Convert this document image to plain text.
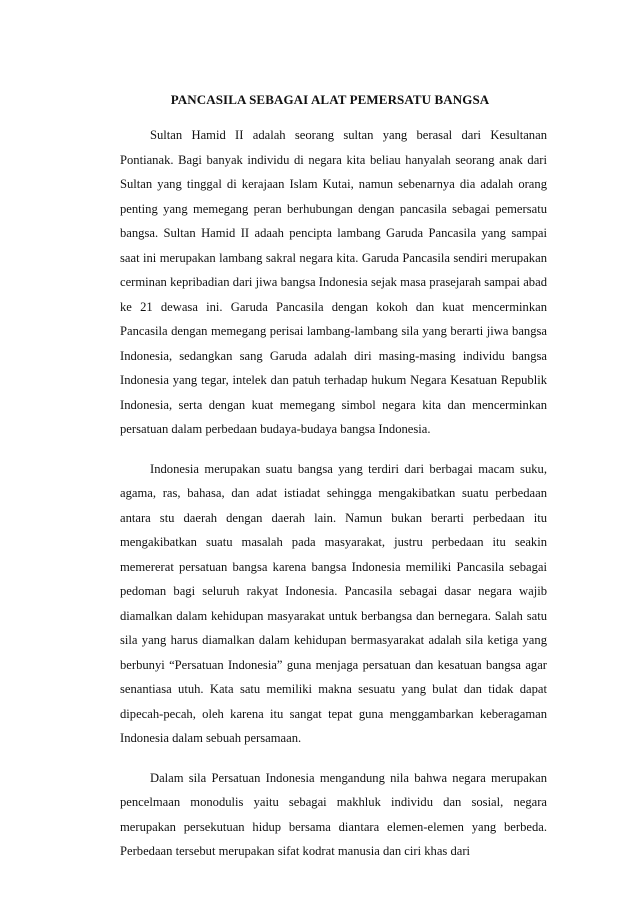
PANCASILA SEBAGAI ALAT PEMERSATU BANGSA

Sultan Hamid II adalah seorang sultan yang berasal dari Kesultanan Pontianak. Bagi banyak individu di negara kita beliau hanyalah seorang anak dari Sultan yang tinggal di kerajaan Islam Kutai, namun sebenarnya dia adalah orang penting yang memegang peran berhubungan dengan pancasila sebagai pemersatu bangsa. Sultan Hamid II adaah pencipta lambang Garuda Pancasila yang sampai saat ini merupakan lambang sakral negara kita. Garuda Pancasila sendiri merupakan cerminan kepribadian dari jiwa bangsa Indonesia sejak masa prasejarah sampai abad ke 21 dewasa ini. Garuda Pancasila dengan kokoh dan kuat mencerminkan Pancasila dengan memegang perisai lambang-lambang sila yang berarti jiwa bangsa Indonesia, sedangkan sang Garuda adalah diri masing-masing individu bangsa Indonesia yang tegar, intelek dan patuh terhadap hukum Negara Kesatuan Republik Indonesia, serta dengan kuat memegang simbol negara kita dan mencerminkan persatuan dalam perbedaan budaya-budaya bangsa Indonesia.

Indonesia merupakan suatu bangsa yang terdiri dari berbagai macam suku, agama, ras, bahasa, dan adat istiadat sehingga mengakibatkan suatu perbedaan antara stu daerah dengan daerah lain. Namun bukan berarti perbedaan itu mengakibatkan suatu masalah pada masyarakat, justru perbedaan itu seakin memererat persatuan bangsa karena bangsa Indonesia memiliki Pancasila sebagai pedoman bagi seluruh rakyat Indonesia. Pancasila sebagai dasar negara wajib diamalkan dalam kehidupan masyarakat untuk berbangsa dan bernegara. Salah satu sila yang harus diamalkan dalam kehidupan bermasyarakat adalah sila ketiga yang berbunyi “Persatuan Indonesia” guna menjaga persatuan dan kesatuan bangsa agar senantiasa utuh. Kata satu memiliki makna sesuatu yang bulat dan tidak dapat dipecah-pecah, oleh karena itu sangat tepat guna menggambarkan keberagaman Indonesia dalam sebuah persamaan.

Dalam sila Persatuan Indonesia mengandung nila bahwa negara merupakan pencelmaan monodulis yaitu sebagai makhluk individu dan sosial, negara merupakan persekutuan hidup bersama diantara elemen-elemen yang berbeda. Perbedaan tersebut merupakan sifat kodrat manusia dan ciri khas dari
